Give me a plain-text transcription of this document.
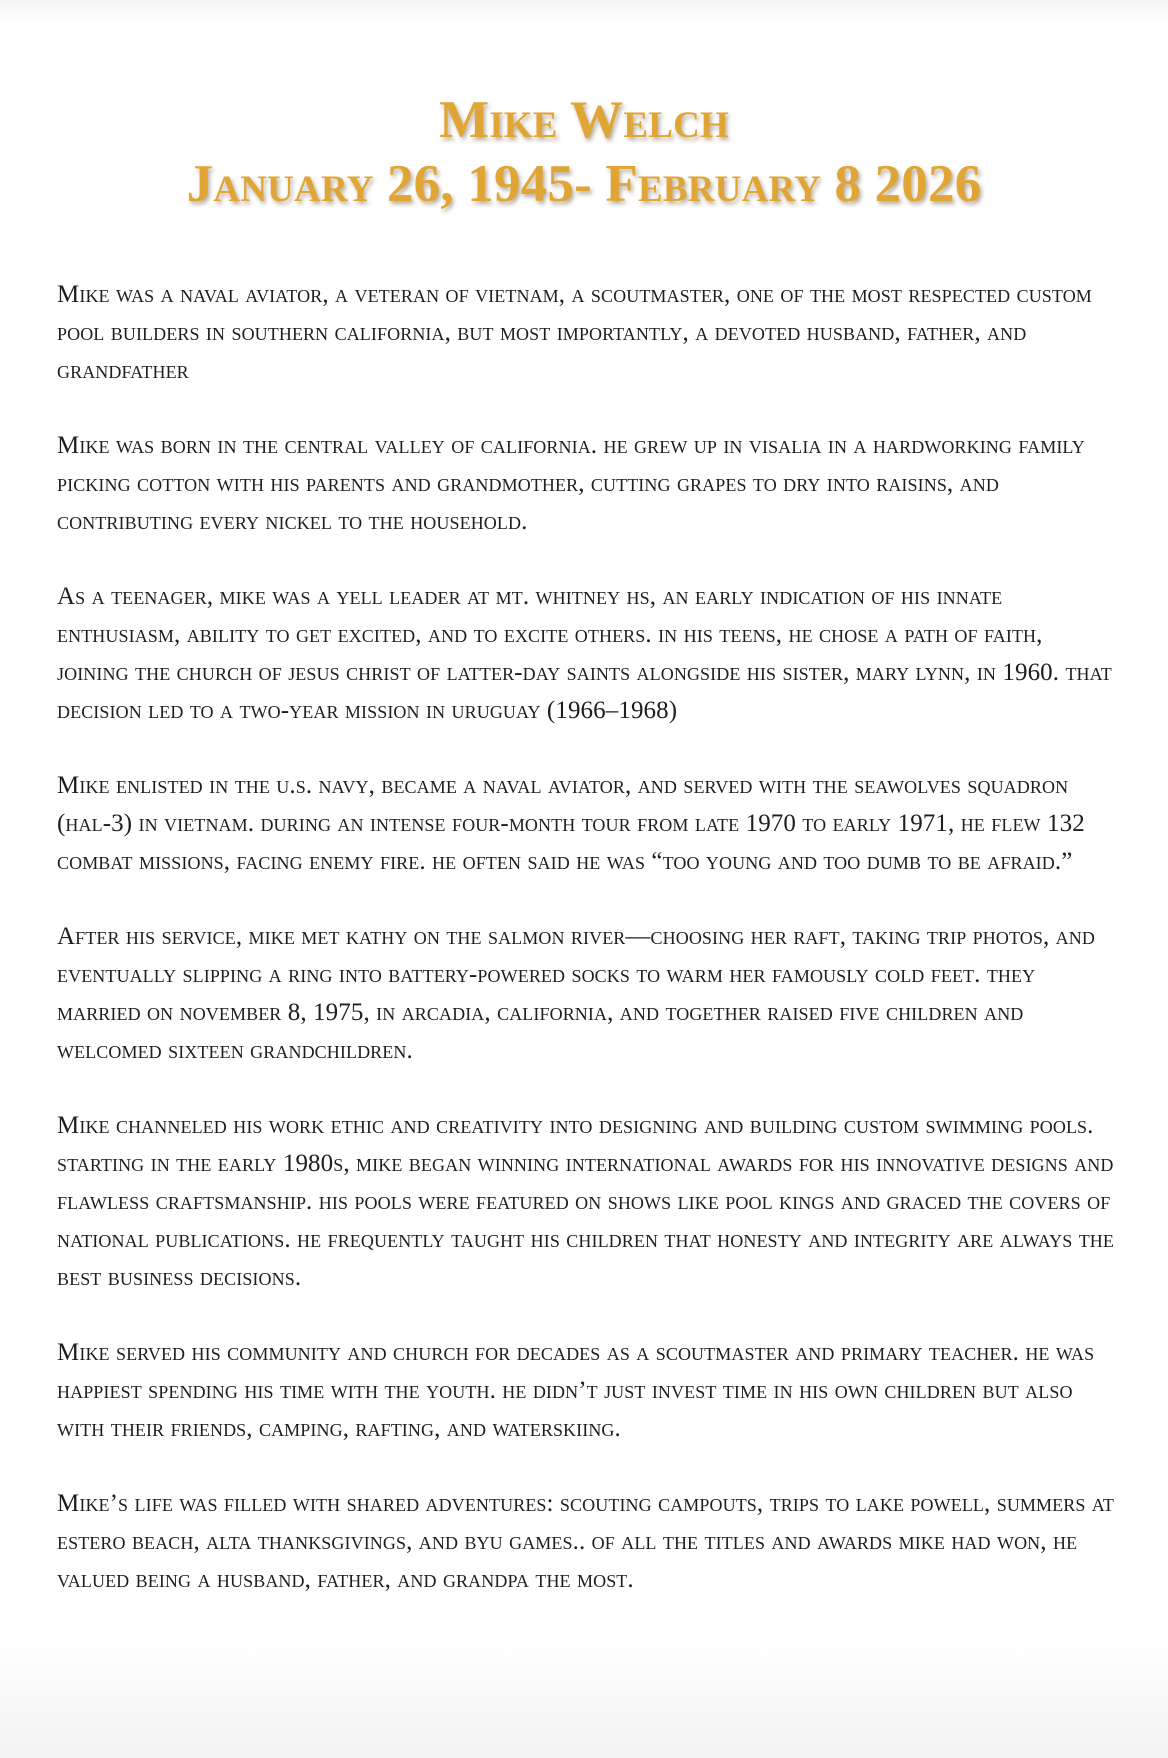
Mike Welch
January 26, 1945- February 8 2026

Mike was a naval aviator, a veteran of vietnam, a scoutmaster, one of the most respected custom pool builders in southern california, but most importantly, a devoted husband, father, and grandfather

Mike was born in the central valley of california. he grew up in visalia in a hardworking family picking cotton with his parents and grandmother, cutting grapes to dry into raisins, and contributing every nickel to the household.

As a teenager, mike was a yell leader at mt. whitney hs, an early indication of his innate enthusiasm, ability to get excited, and to excite others. in his teens, he chose a path of faith, joining the church of jesus christ of latter-day saints alongside his sister, mary lynn, in 1960. that decision led to a two-year mission in uruguay (1966–1968)

Mike enlisted in the u.s. navy, became a naval aviator, and served with the seawolves squadron (hal-3) in vietnam. during an intense four-month tour from late 1970 to early 1971, he flew 132 combat missions, facing enemy fire. he often said he was “too young and too dumb to be afraid.”

After his service, mike met kathy on the salmon river—choosing her raft, taking trip photos, and eventually slipping a ring into battery-powered socks to warm her famously cold feet. they married on november 8, 1975, in arcadia, california, and together raised five children and welcomed sixteen grandchildren.

Mike channeled his work ethic and creativity into designing and building custom swimming pools. starting in the early 1980s, mike began winning international awards for his innovative designs and flawless craftsmanship. his pools were featured on shows like pool kings and graced the covers of national publications. he frequently taught his children that honesty and integrity are always the best business decisions.

Mike served his community and church for decades as a scoutmaster and primary teacher. he was happiest spending his time with the youth. he didn’t just invest time in his own children but also with their friends, camping, rafting, and waterskiing.

Mike’s life was filled with shared adventures: scouting campouts, trips to lake powell, summers at estero beach, alta thanksgivings, and byu games.. of all the titles and awards mike had won, he valued being a husband, father, and grandpa the most.
